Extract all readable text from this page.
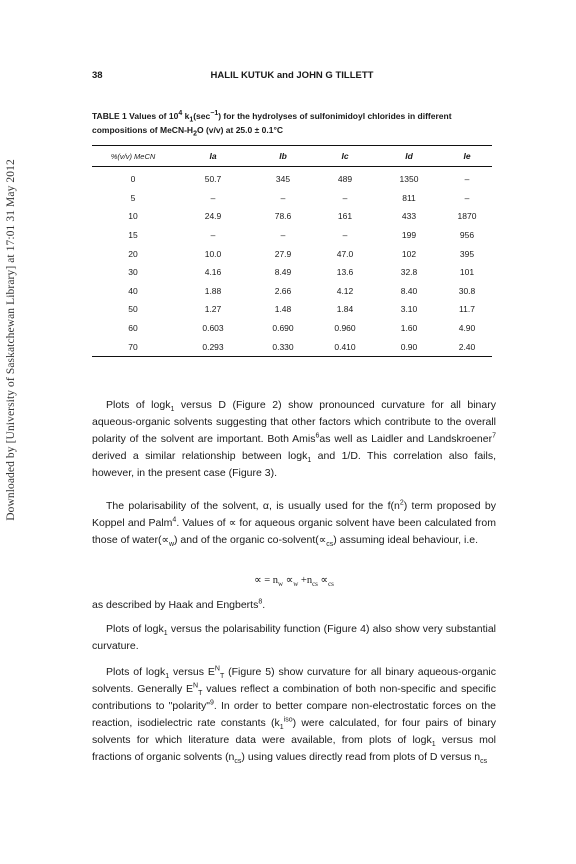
Downloaded by [University of Saskatchewan Library] at 17:01 31 May 2012
38	HALIL KUTUK and JOHN G TILLETT
TABLE 1 Values of $10^4$ $k_1(\sec^{-1})$ for the hydrolyses of sulfonimidoyl chlorides in different compositions of MeCN-$H_2O$ (v/v) at 25.0 ± 0.1°C
%(v/v) MeCN	Ia	Ib	Ic	Id	Ie
0	50.7	345	489	1350	–
5	–	–	–	811	–
10	24.9	78.6	161	433	1870
15	–	–	–	199	956
20	10.0	27.9	47.0	102	395
30	4.16	8.49	13.6	32.8	101
40	1.88	2.66	4.12	8.40	30.8
50	1.27	1.48	1.84	3.10	11.7
60	0.603	0.690	0.960	1.60	4.90
70	0.293	0.330	0.410	0.90	2.40

Plots of logk$_1$ versus D (Figure 2) show pronounced curvature for all binary aqueous-organic solvents suggesting that other factors which contribute to the overall polarity of the solvent are important. Both Amis$^6$as well as Laidler and Landskroener$^7$ derived a similar relationship between logk$_1$ and 1/D. This correlation also fails, however, in the present case (Figure 3).

The polarisability of the solvent, α, is usually used for the $f(n^2)$ term proposed by Koppel and Palm$^4$. Values of ∝ for aqueous organic solvent have been calculated from those of $water(\propto_w)$ and of the organic $co-solvent(\propto_{cs})$ assuming ideal behaviour, i.e.

∝ = $n_w \propto_w +n_{cs} \propto_{cs}$

as described by Haak and Engberts$^8$.

Plots of logk$_1$ versus the polarisability function (Figure 4) also show very substantial curvature.

Plots of logk$_1$ versus $E^N_T$ (Figure 5) show curvature for all binary aqueous-organic solvents. Generally $E^N_T$ values reflect a combination of both non-specific and specific contributions to "polarity"$^9$. In order to better compare non-electrostatic forces on the reaction, isodielectric rate constants $(k_1^{iso})$ were calculated, for four pairs of binary solvents for which literature data were available, from plots of logk$_1$ versus mol fractions of organic solvents $(n_{cs})$ using values directly read from plots of D versus $n_{cs}$
